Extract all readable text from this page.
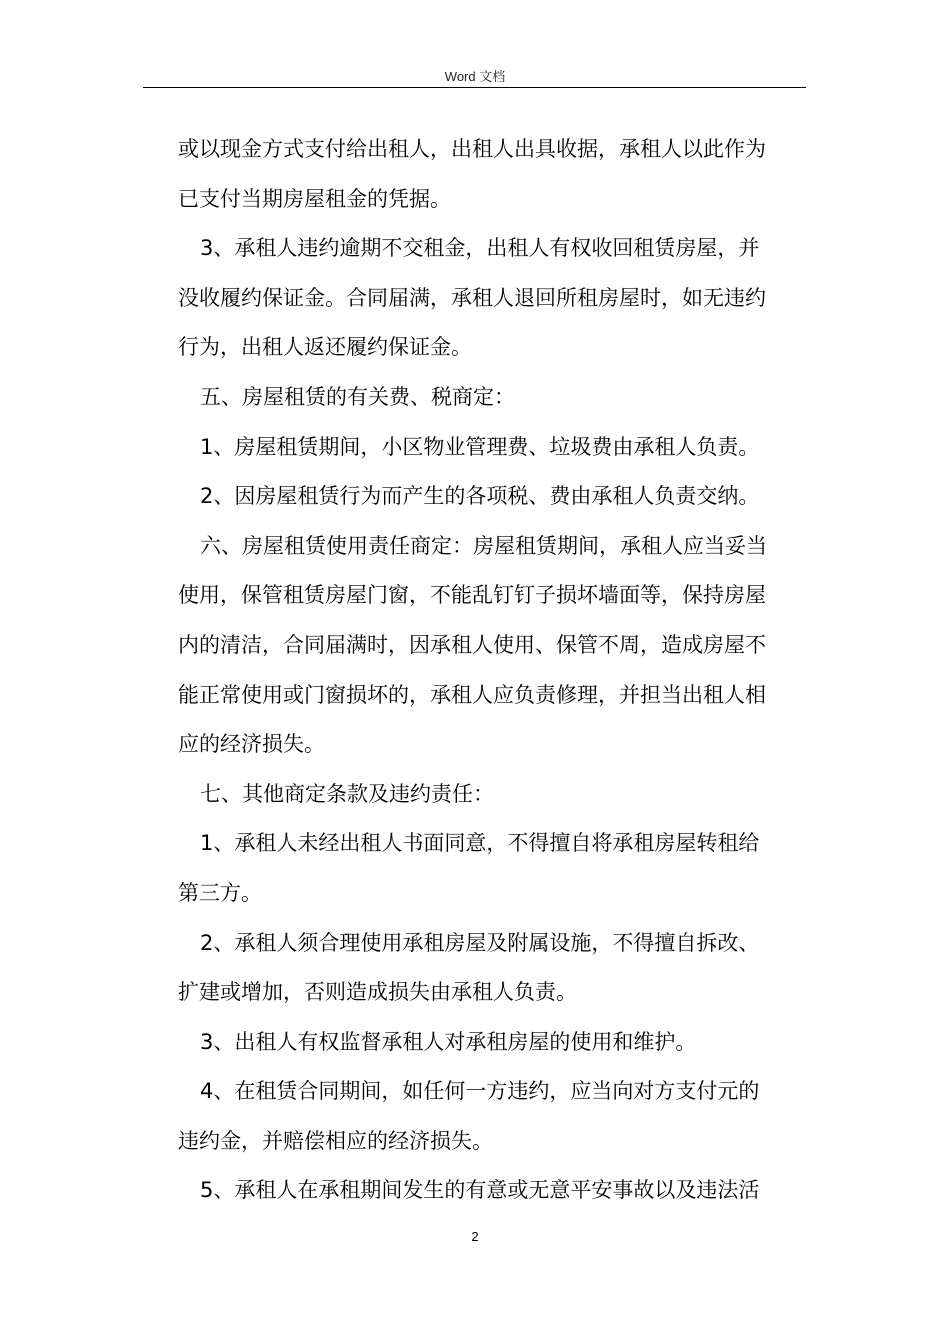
Word 文档

或以现金方式支付给出租人，出租人出具收据，承租人以此作为

已支付当期房屋租金的凭据。

3、承租人违约逾期不交租金，出租人有权收回租赁房屋，并

没收履约保证金。合同届满，承租人退回所租房屋时，如无违约

行为，出租人返还履约保证金。

五、房屋租赁的有关费、税商定：

1、房屋租赁期间，小区物业管理费、垃圾费由承租人负责。

2、因房屋租赁行为而产生的各项税、费由承租人负责交纳。

六、房屋租赁使用责任商定：房屋租赁期间，承租人应当妥当

使用，保管租赁房屋门窗，不能乱钉钉子损坏墙面等，保持房屋

内的清洁，合同届满时，因承租人使用、保管不周，造成房屋不

能正常使用或门窗损坏的，承租人应负责修理，并担当出租人相

应的经济损失。

七、其他商定条款及违约责任：

1、承租人未经出租人书面同意，不得擅自将承租房屋转租给

第三方。

2、承租人须合理使用承租房屋及附属设施，不得擅自拆改、

扩建或增加，否则造成损失由承租人负责。

3、出租人有权监督承租人对承租房屋的使用和维护。

4、在租赁合同期间，如任何一方违约，应当向对方支付元的

违约金，并赔偿相应的经济损失。

5、承租人在承租期间发生的有意或无意平安事故以及违法活

2
